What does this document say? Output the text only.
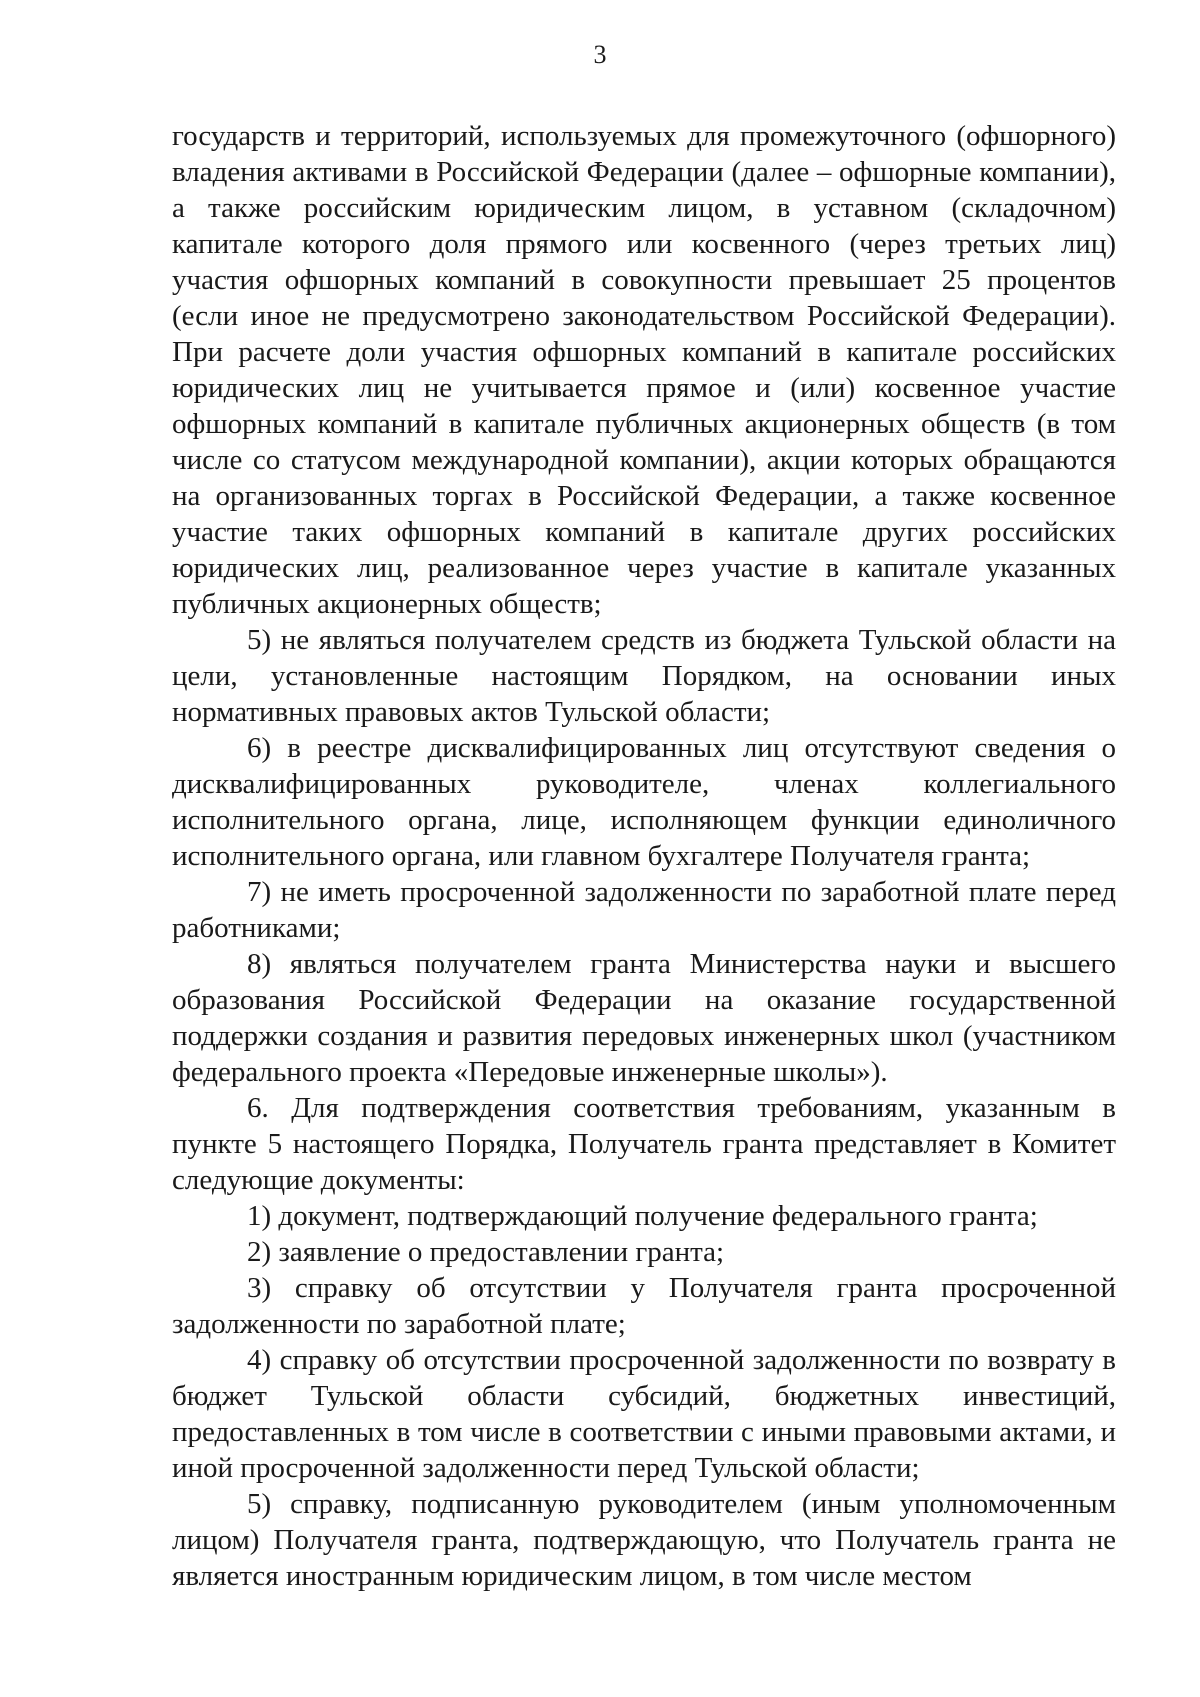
3

государств и территорий, используемых для промежуточного (офшорного) владения активами в Российской Федерации (далее – офшорные компании), а также российским юридическим лицом, в уставном (складочном) капитале которого доля прямого или косвенного (через третьих лиц) участия офшорных компаний в совокупности превышает 25 процентов (если иное не предусмотрено законодательством Российской Федерации). При расчете доли участия офшорных компаний в капитале российских юридических лиц не учитывается прямое и (или) косвенное участие офшорных компаний в капитале публичных акционерных обществ (в том числе со статусом международной компании), акции которых обращаются на организованных торгах в Российской Федерации, а также косвенное участие таких офшорных компаний в капитале других российских юридических лиц, реализованное через участие в капитале указанных публичных акционерных обществ;

5) не являться получателем средств из бюджета Тульской области на цели, установленные настоящим Порядком, на основании иных нормативных правовых актов Тульской области;

6) в реестре дисквалифицированных лиц отсутствуют сведения о дисквалифицированных руководителе, членах коллегиального исполнительного органа, лице, исполняющем функции единоличного исполнительного органа, или главном бухгалтере Получателя гранта;

7) не иметь просроченной задолженности по заработной плате перед работниками;

8) являться получателем гранта Министерства науки и высшего образования Российской Федерации на оказание государственной поддержки создания и развития передовых инженерных школ (участником федерального проекта «Передовые инженерные школы»).

6. Для подтверждения соответствия требованиям, указанным в пункте 5 настоящего Порядка, Получатель гранта представляет в Комитет следующие документы:

1) документ, подтверждающий получение федерального гранта;

2) заявление о предоставлении гранта;

3) справку об отсутствии у Получателя гранта просроченной задолженности по заработной плате;

4) справку об отсутствии просроченной задолженности по возврату в бюджет Тульской области субсидий, бюджетных инвестиций, предоставленных в том числе в соответствии с иными правовыми актами, и иной просроченной задолженности перед Тульской области;

5) справку, подписанную руководителем (иным уполномоченным лицом) Получателя гранта, подтверждающую, что Получатель гранта не является иностранным юридическим лицом, в том числе местом
